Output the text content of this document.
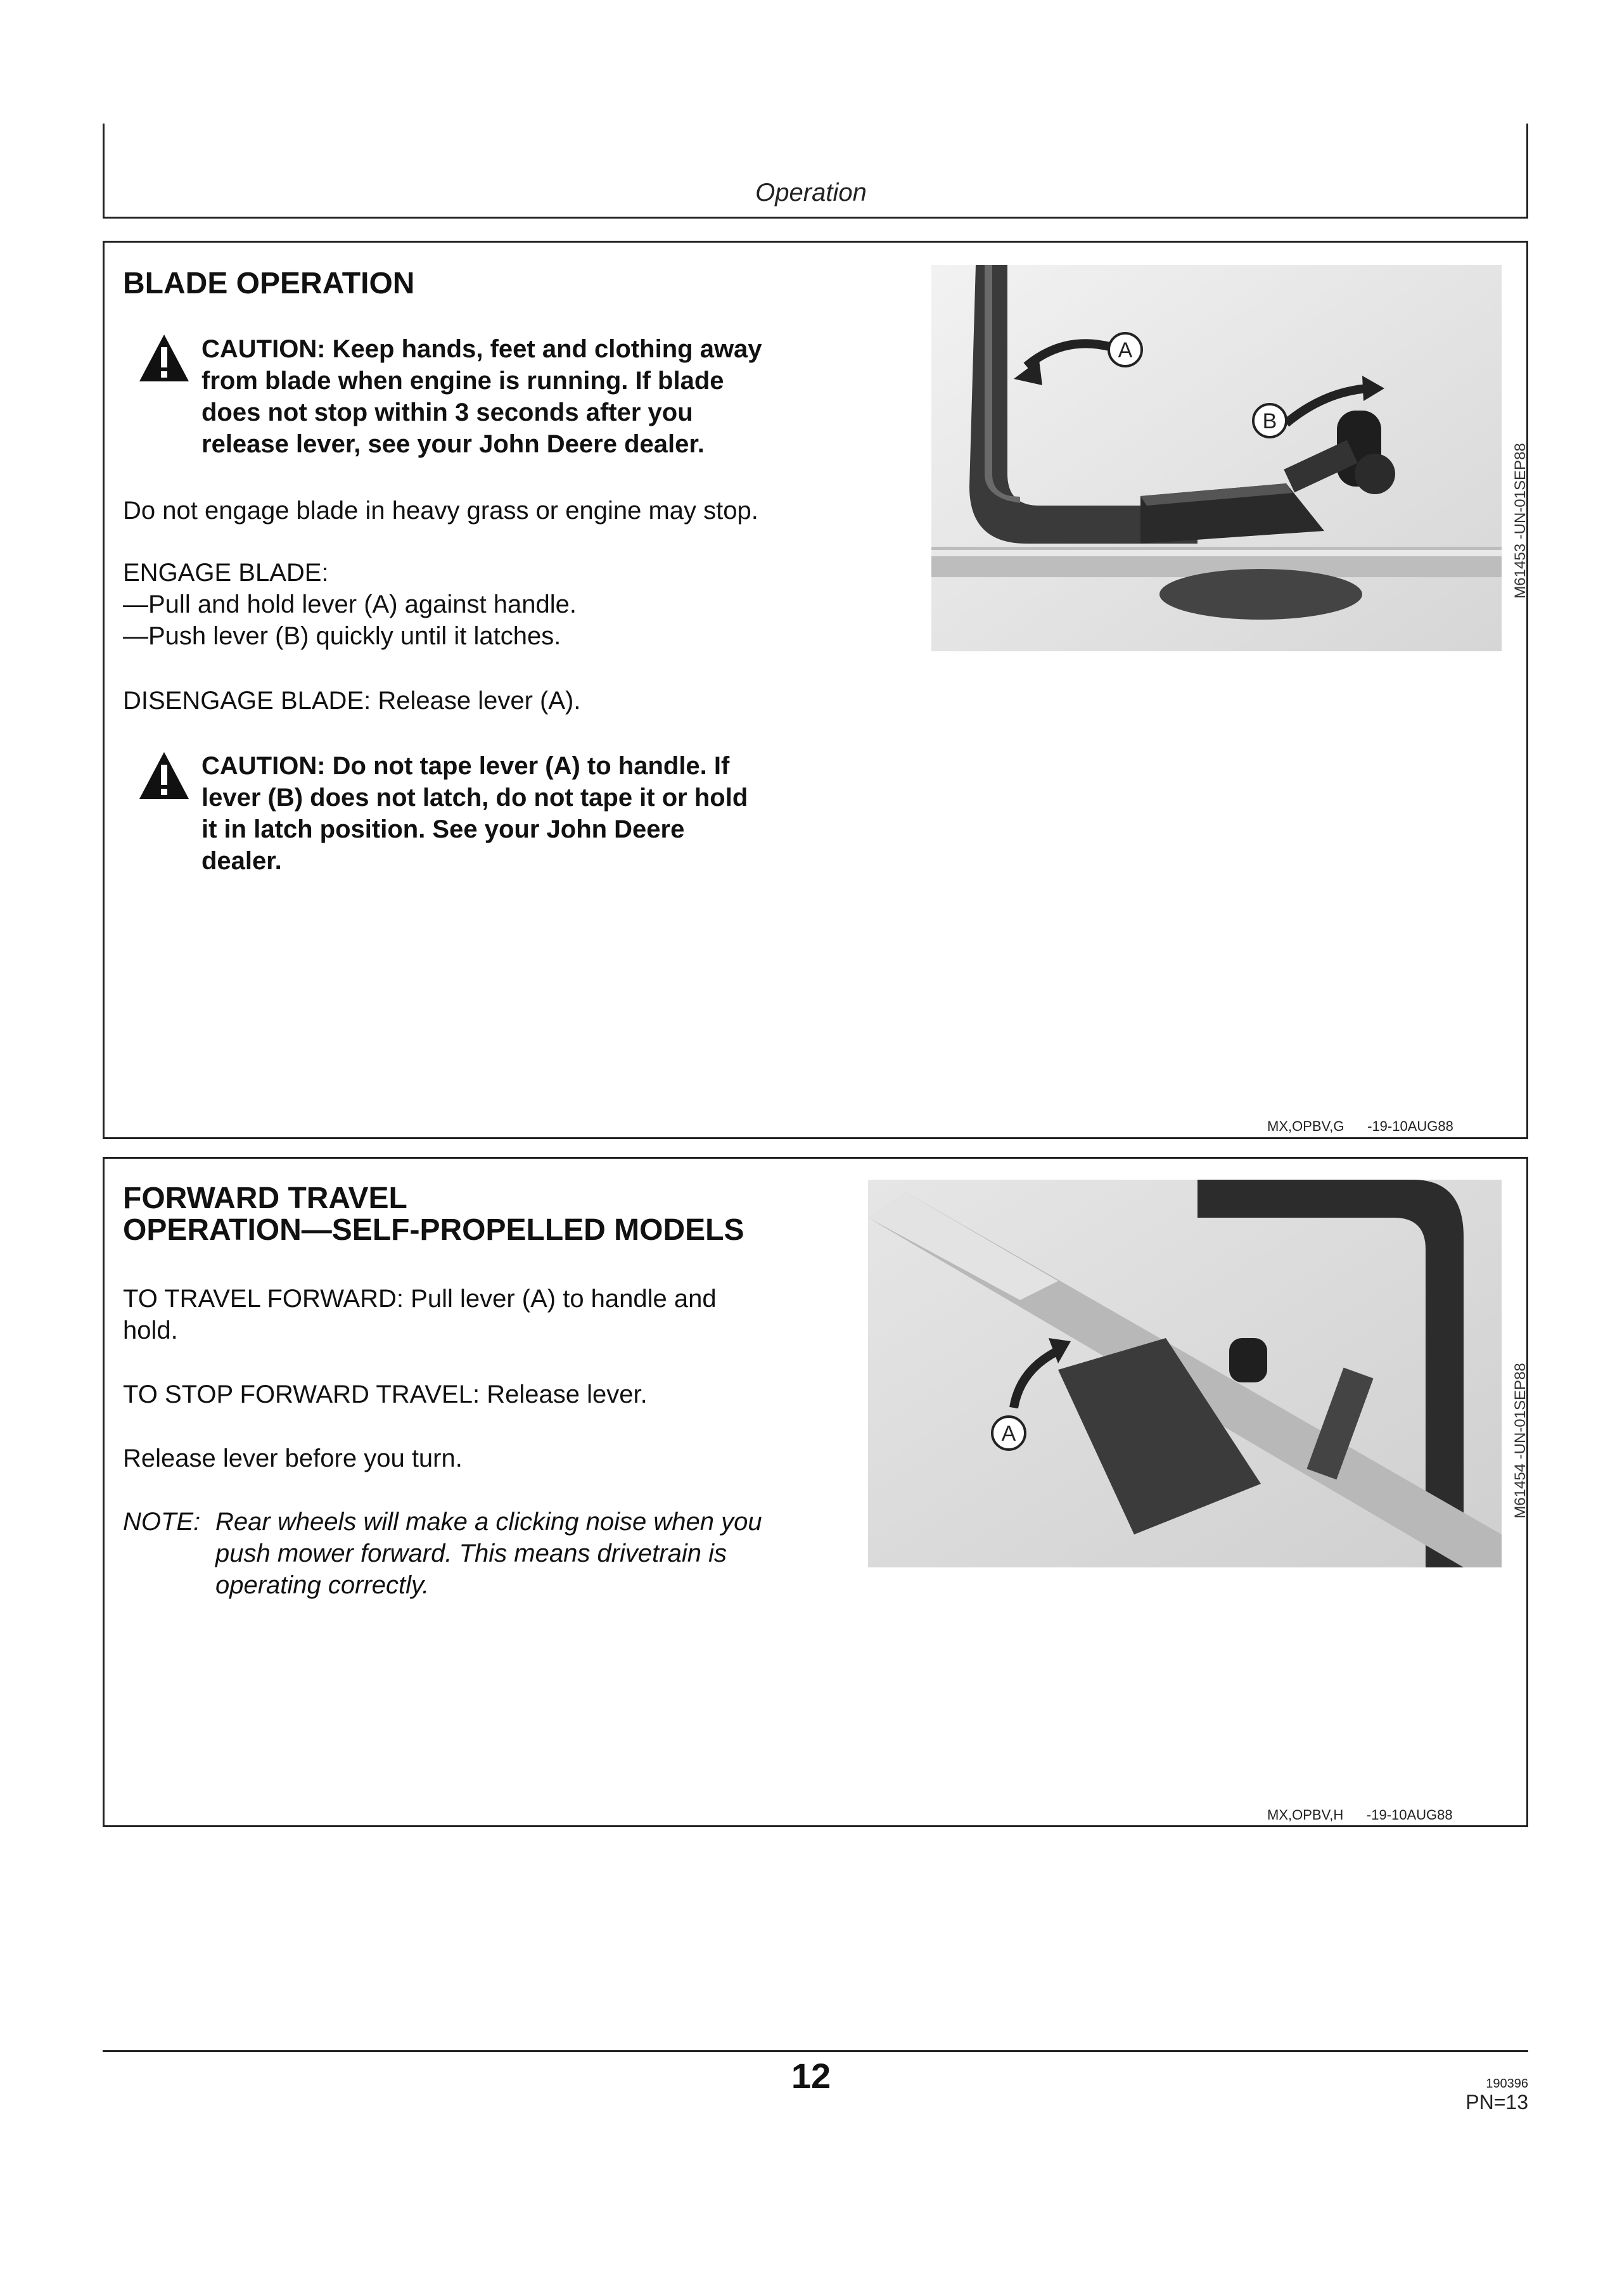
Operation
BLADE OPERATION

CAUTION: Keep hands, feet and clothing away

from blade when engine is running. If blade

does not stop within 3 seconds after you

release lever, see your John Deere dealer.

Do not engage blade in heavy grass or engine may stop.

ENGAGE BLADE:

—Pull and hold lever (A) against handle.

—Push lever (B) quickly until it latches.

DISENGAGE BLADE: Release lever (A).

CAUTION: Do not tape lever (A) to handle. If

lever (B) does not latch, do not tape it or hold

it in latch position. See your John Deere

dealer.

A
B
M61453 -UN-01SEP88
MX,OPBV,G      -19-10AUG88
FORWARD TRAVEL
OPERATION—SELF-PROPELLED MODELS

TO TRAVEL FORWARD: Pull lever (A) to handle and

hold.

TO STOP FORWARD TRAVEL: Release lever.

Release lever before you turn.

NOTE: Rear wheels will make a clicking noise when you

push mower forward. This means drivetrain is

operating correctly.

A	M61454 -UN-01SEP88
MX,OPBV,H      -19-10AUG88
12	190396
PN=13
